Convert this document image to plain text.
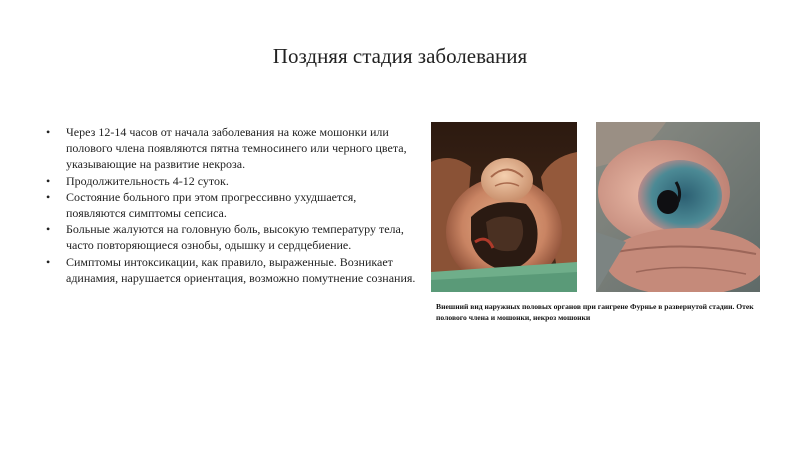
Поздняя стадия заболевания
•	Через 12-14 часов от начала заболевания на коже мошонки или полового члена появляются пятна темносинего или черного цвета, указывающие на развитие некроза.
•	Продолжительность 4-12 суток.
•	Состояние больного при этом прогрессивно ухудшается, появляются симптомы сепсиса.
•	Больные жалуются на головную боль, высокую температуру тела, часто повторяющиеся ознобы, одышку и сердцебиение.
•	Симптомы интоксикации, как правило, выраженные. Возникает адинамия, нарушается ориентация, возможно помутнение сознания.
Внешний вид наружных половых органов при гангрене Фурнье в развернутой стадии. Отек полового члена и мошонки, некроз мошонки
